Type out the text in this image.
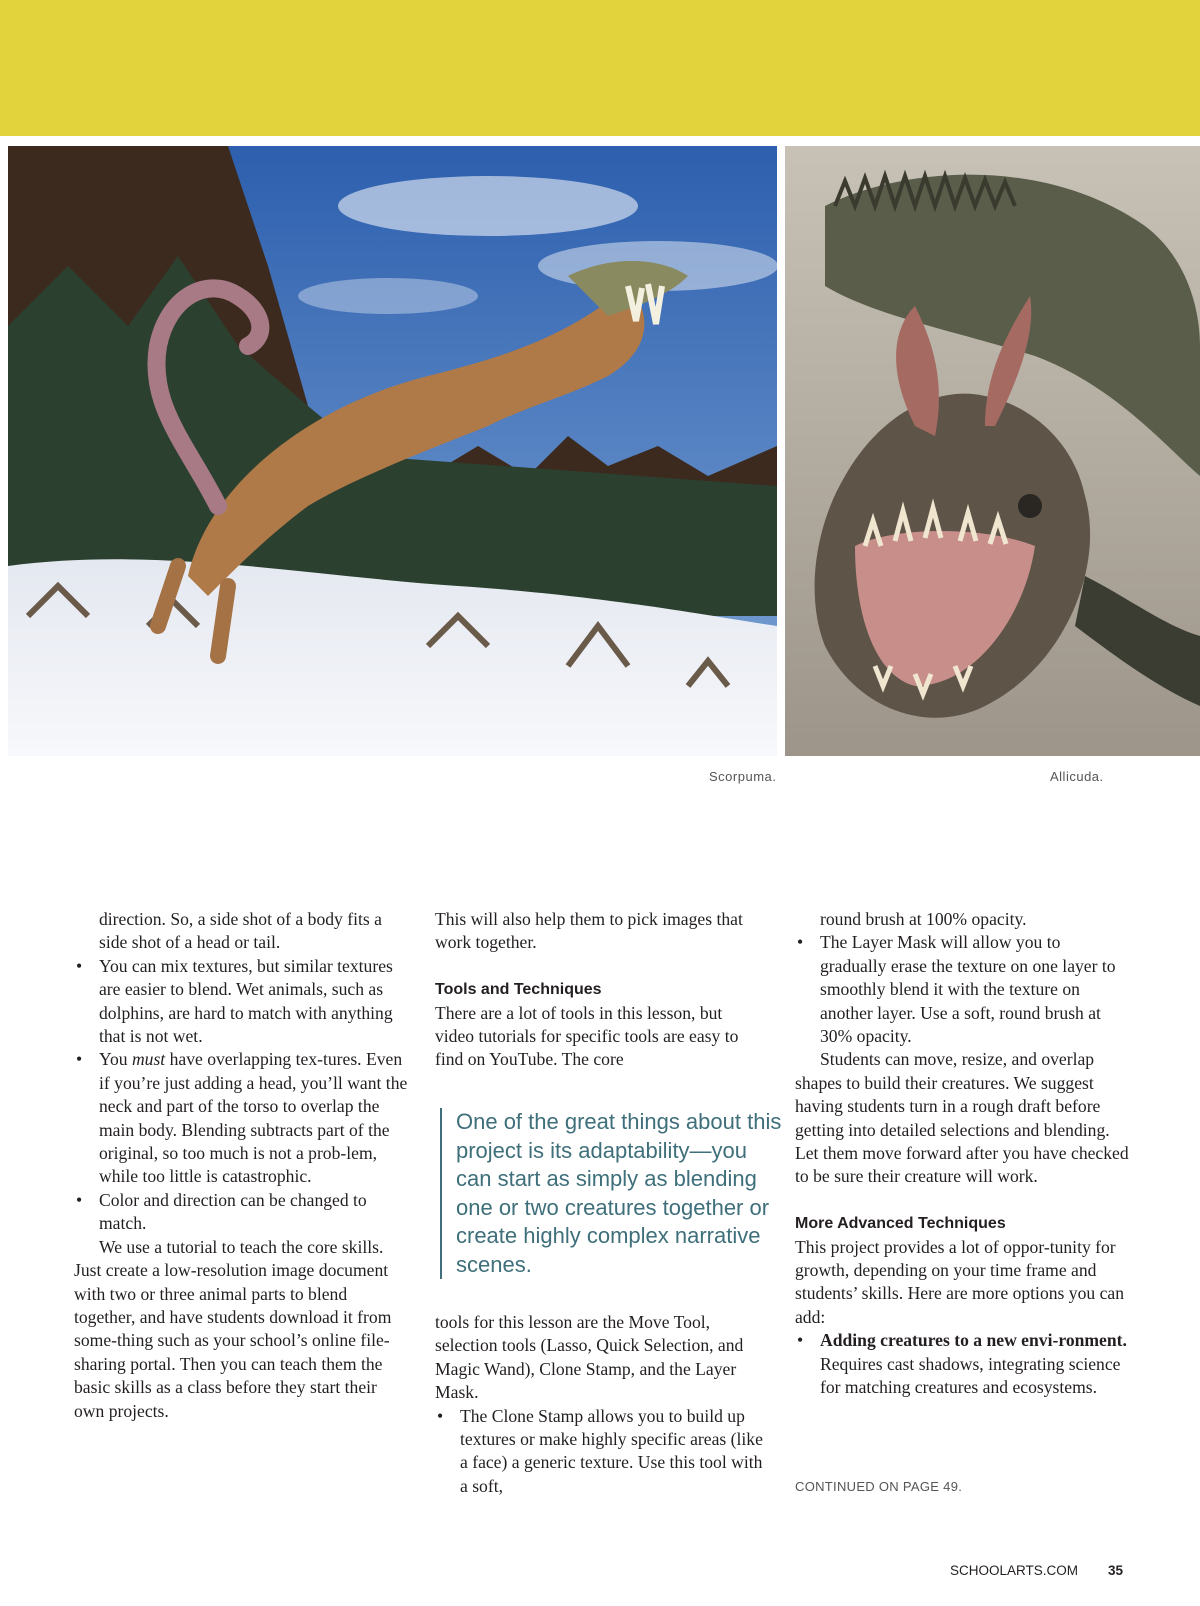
Scorpuma.	Allicuda.

direction. So, a side shot of a body fits a side shot of a head or tail.

• You can mix textures, but similar textures are easier to blend. Wet animals, such as dolphins, are hard to match with anything that is not wet.
• You must have overlapping tex-tures. Even if you’re just adding a head, you’ll want the neck and part of the torso to overlap the main body. Blending subtracts part of the original, so too much is not a prob-lem, while too little is catastrophic.
• Color and direction can be changed to match.

We use a tutorial to teach the core skills. Just create a low-resolution image document with two or three animal parts to blend together, and have students download it from some-thing such as your school’s online file-sharing portal. Then you can teach them the basic skills as a class before they start their own projects.

This will also help them to pick images that work together.

Tools and Techniques

There are a lot of tools in this lesson, but video tutorials for specific tools are easy to find on YouTube. The core

One of the great things about this project is its adaptability—you can start as simply as blending one or two creatures together or create highly complex narrative scenes.

tools for this lesson are the Move Tool, selection tools (Lasso, Quick Selection, and Magic Wand), Clone Stamp, and the Layer Mask.

• The Clone Stamp allows you to build up textures or make highly specific areas (like a face) a generic texture. Use this tool with a soft,

round brush at 100% opacity.

• The Layer Mask will allow you to gradually erase the texture on one layer to smoothly blend it with the texture on another layer. Use a soft, round brush at 30% opacity.

Students can move, resize, and overlap shapes to build their creatures. We suggest having students turn in a rough draft before getting into detailed selections and blending. Let them move forward after you have checked to be sure their creature will work.

More Advanced Techniques

This project provides a lot of oppor-tunity for growth, depending on your time frame and students’ skills. Here are more options you can add:

• Adding creatures to a new envi-ronment. Requires cast shadows, integrating science for matching creatures and ecosystems.
CONTINUED ON PAGE 49.
SCHOOLARTS.COM 35
